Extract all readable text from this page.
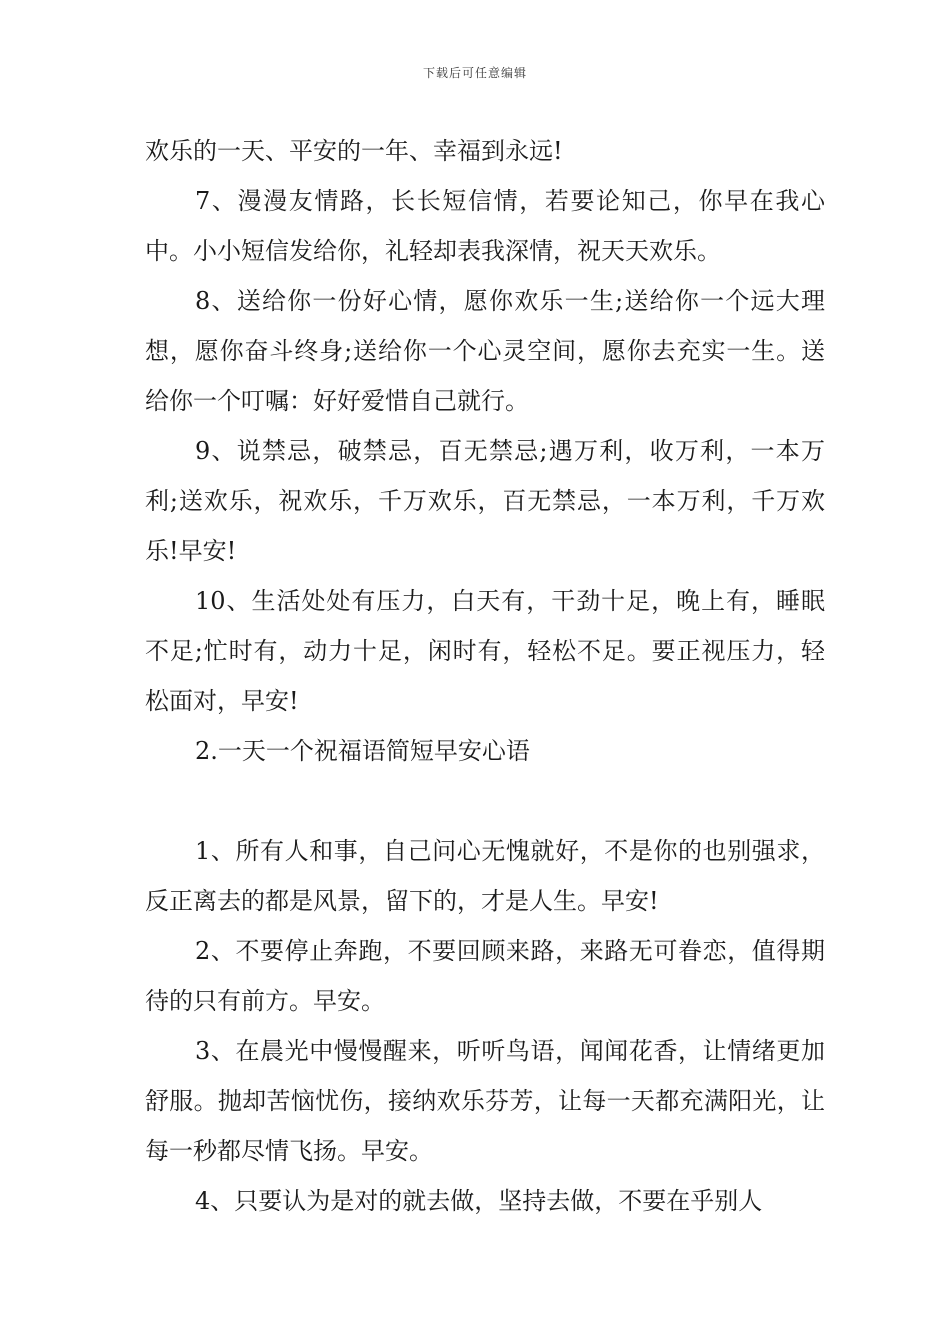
下载后可任意编辑

欢乐的一天、平安的一年、幸福到永远!

7、漫漫友情路，长长短信情，若要论知己，你早在我心中。小小短信发给你，礼轻却表我深情，祝天天欢乐。

8、送给你一份好心情，愿你欢乐一生;送给你一个远大理想，愿你奋斗终身;送给你一个心灵空间，愿你去充实一生。送给你一个叮嘱：好好爱惜自己就行。

9、说禁忌，破禁忌，百无禁忌;遇万利，收万利，一本万利;送欢乐，祝欢乐，千万欢乐，百无禁忌，一本万利，千万欢乐!早安!

10、生活处处有压力，白天有，干劲十足，晚上有，睡眠不足;忙时有，动力十足，闲时有，轻松不足。要正视压力，轻松面对，早安!

2.一天一个祝福语简短早安心语

1、所有人和事，自己问心无愧就好，不是你的也别强求，反正离去的都是风景，留下的，才是人生。早安!

2、不要停止奔跑，不要回顾来路，来路无可眷恋，值得期待的只有前方。早安。

3、在晨光中慢慢醒来，听听鸟语，闻闻花香，让情绪更加舒服。抛却苦恼忧伤，接纳欢乐芬芳，让每一天都充满阳光，让每一秒都尽情飞扬。早安。

4、只要认为是对的就去做，坚持去做，不要在乎别人
